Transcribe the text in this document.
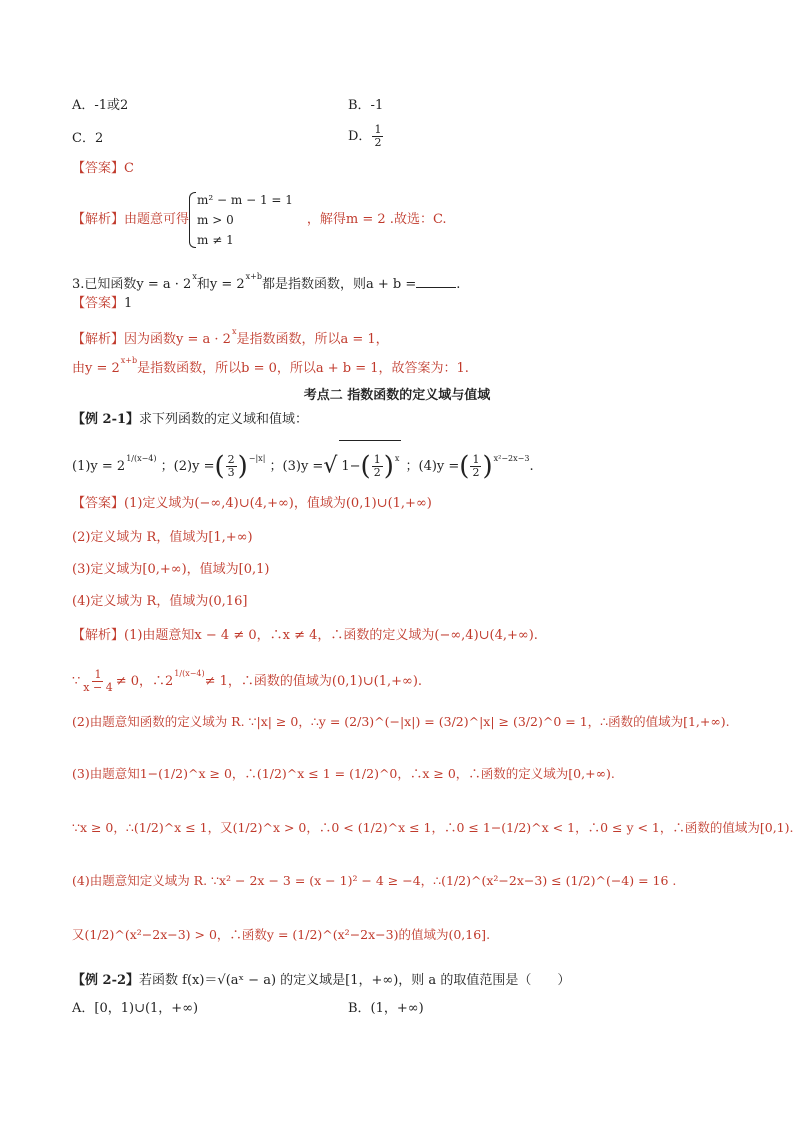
A．-1或2	B．-1
C．2	D． $\frac{1}{2}$
【答案】C
【解析】由题意可得
m² − m − 1 = 1
m > 0
m ≠ 1
，解得m = 2 .故选：C.
3.已知函数$y = a \cdot 2^x$和$y = 2^{x+b}$都是指数函数，则a + b =	.
【答案】1
【解析】因为函数$y = a \cdot 2^x$是指数函数，所以a = 1，
由$y = 2^{x+b}$是指数函数，所以b = 0，所以a + b = 1，故答案为：1.
考点二 指数函数的定义域与值域
【例 2-1】求下列函数的定义域和值域：
$(1)y = 2^{1/(x-4)}$ ；(2)y =( $\frac{2}{3} )^{-|x|}$ ；(3)y =√ $1-( \frac{1}{2} )^x$ ；(4)y =( $\frac{1}{2} )^{x^2-2x-3}$.
【答案】(1)定义域为(−∞,4)∪(4,+∞)，值域为(0,1)∪(1,+∞)
(2)定义域为 R，值域为[1,+∞)
(3)定义域为[0,+∞)，值域为[0,1)
(4)定义域为 R，值域为(0,16]
【解析】(1)由题意知x − 4 ≠ 0，∴x ≠ 4，∴函数的定义域为(−∞,4)∪(4,+∞).
∵ $\frac{1}{x - 4} \ne 0$，$\therefore 2^{1/(x-4)}\ne 1$，∴函数的值域为(0,1)∪(1,+∞).
(2)由题意知函数的定义域为 R. ∵|x| ≥ 0，∴y = (2/3)^(−|x|) = (3/2)^|x| ≥ (3/2)^0 = 1，∴函数的值域为[1,+∞).
(3)由题意知1−(1/2)^x ≥ 0，∴(1/2)^x ≤ 1 = (1/2)^0，∴x ≥ 0，∴函数的定义域为[0,+∞).
∵x ≥ 0，∴(1/2)^x ≤ 1，又(1/2)^x > 0，∴0 < (1/2)^x ≤ 1，∴0 ≤ 1−(1/2)^x < 1，∴0 ≤ y < 1，∴函数的值域为[0,1).
(4)由题意知定义域为 R. ∵x² − 2x − 3 = (x − 1)² − 4 ≥ −4，∴(1/2)^(x²−2x−3) ≤ (1/2)^(−4) = 16 .
又(1/2)^(x²−2x−3) > 0，∴函数y = (1/2)^(x²−2x−3)的值域为(0,16].
【例 2-2】若函数 f(x)＝√(aˣ − a) 的定义域是[1，+∞)，则 a 的取值范围是（　　）
A．[0，1)∪(1，+∞)	B．(1，+∞)
